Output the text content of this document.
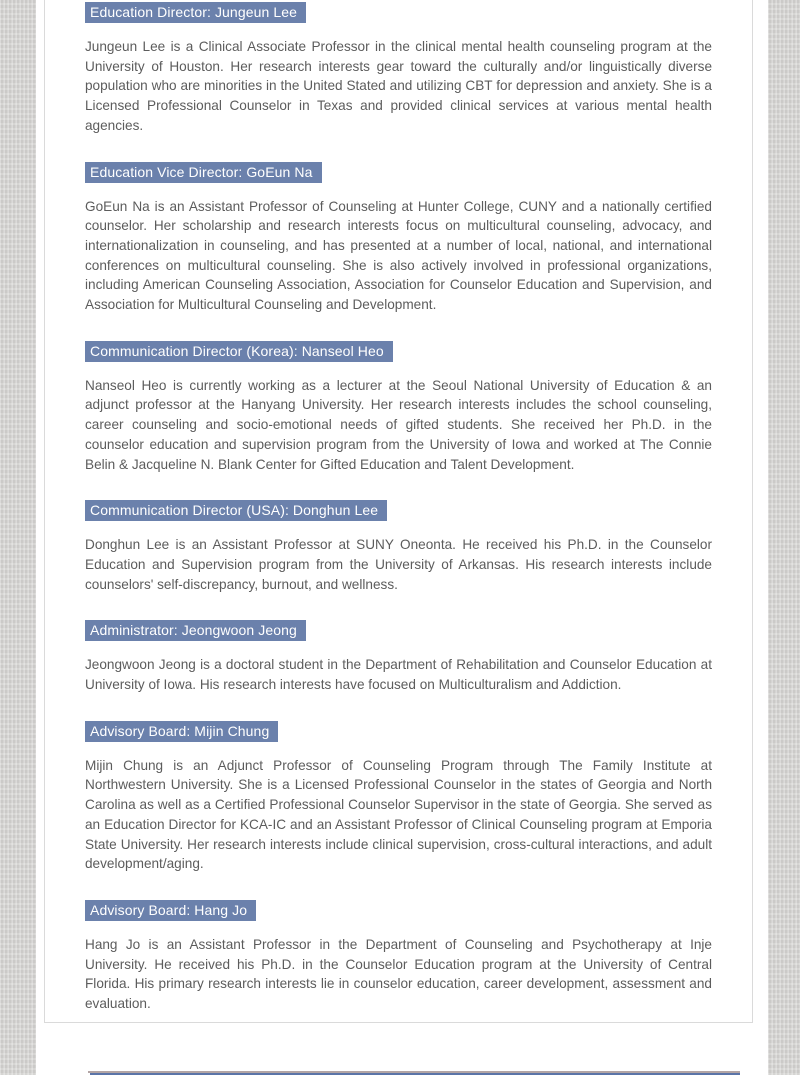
Education Director: Jungeun Lee

Jungeun Lee is a Clinical Associate Professor in the clinical mental health counseling program at the University of Houston. Her research interests gear toward the culturally and/or linguistically diverse population who are minorities in the United Stated and utilizing CBT for depression and anxiety. She is a Licensed Professional Counselor in Texas and provided clinical services at various mental health agencies.

Education Vice Director: GoEun Na

GoEun Na is an Assistant Professor of Counseling at Hunter College, CUNY and a nationally certified counselor. Her scholarship and research interests focus on multicultural counseling, advocacy, and internationalization in counseling, and has presented at a number of local, national, and international conferences on multicultural counseling. She is also actively involved in professional organizations, including American Counseling Association, Association for Counselor Education and Supervision, and Association for Multicultural Counseling and Development.

Communication Director (Korea): Nanseol Heo

Nanseol Heo is currently working as a lecturer at the Seoul National University of Education & an adjunct professor at the Hanyang University. Her research interests includes the school counseling, career counseling and socio-emotional needs of gifted students. She received her Ph.D. in the counselor education and supervision program from the University of Iowa and worked at The Connie Belin & Jacqueline N. Blank Center for Gifted Education and Talent Development.

Communication Director (USA): Donghun Lee

Donghun Lee is an Assistant Professor at SUNY Oneonta. He received his Ph.D. in the Counselor Education and Supervision program from the University of Arkansas. His research interests include counselors' self-discrepancy, burnout, and wellness.

Administrator: Jeongwoon Jeong

Jeongwoon Jeong is a doctoral student in the Department of Rehabilitation and Counselor Education at University of Iowa. His research interests have focused on Multiculturalism and Addiction.

Advisory Board: Mijin Chung

Mijin Chung is an Adjunct Professor of Counseling Program through The Family Institute at Northwestern University. She is a Licensed Professional Counselor in the states of Georgia and North Carolina as well as a Certified Professional Counselor Supervisor in the state of Georgia. She served as an Education Director for KCA-IC and an Assistant Professor of Clinical Counseling program at Emporia State University. Her research interests include clinical supervision, cross-cultural interactions, and adult development/aging.

Advisory Board: Hang Jo

Hang Jo is an Assistant Professor in the Department of Counseling and Psychotherapy at Inje University. He received his Ph.D. in the Counselor Education program at the University of Central Florida. His primary research interests lie in counselor education, career development, assessment and evaluation.
